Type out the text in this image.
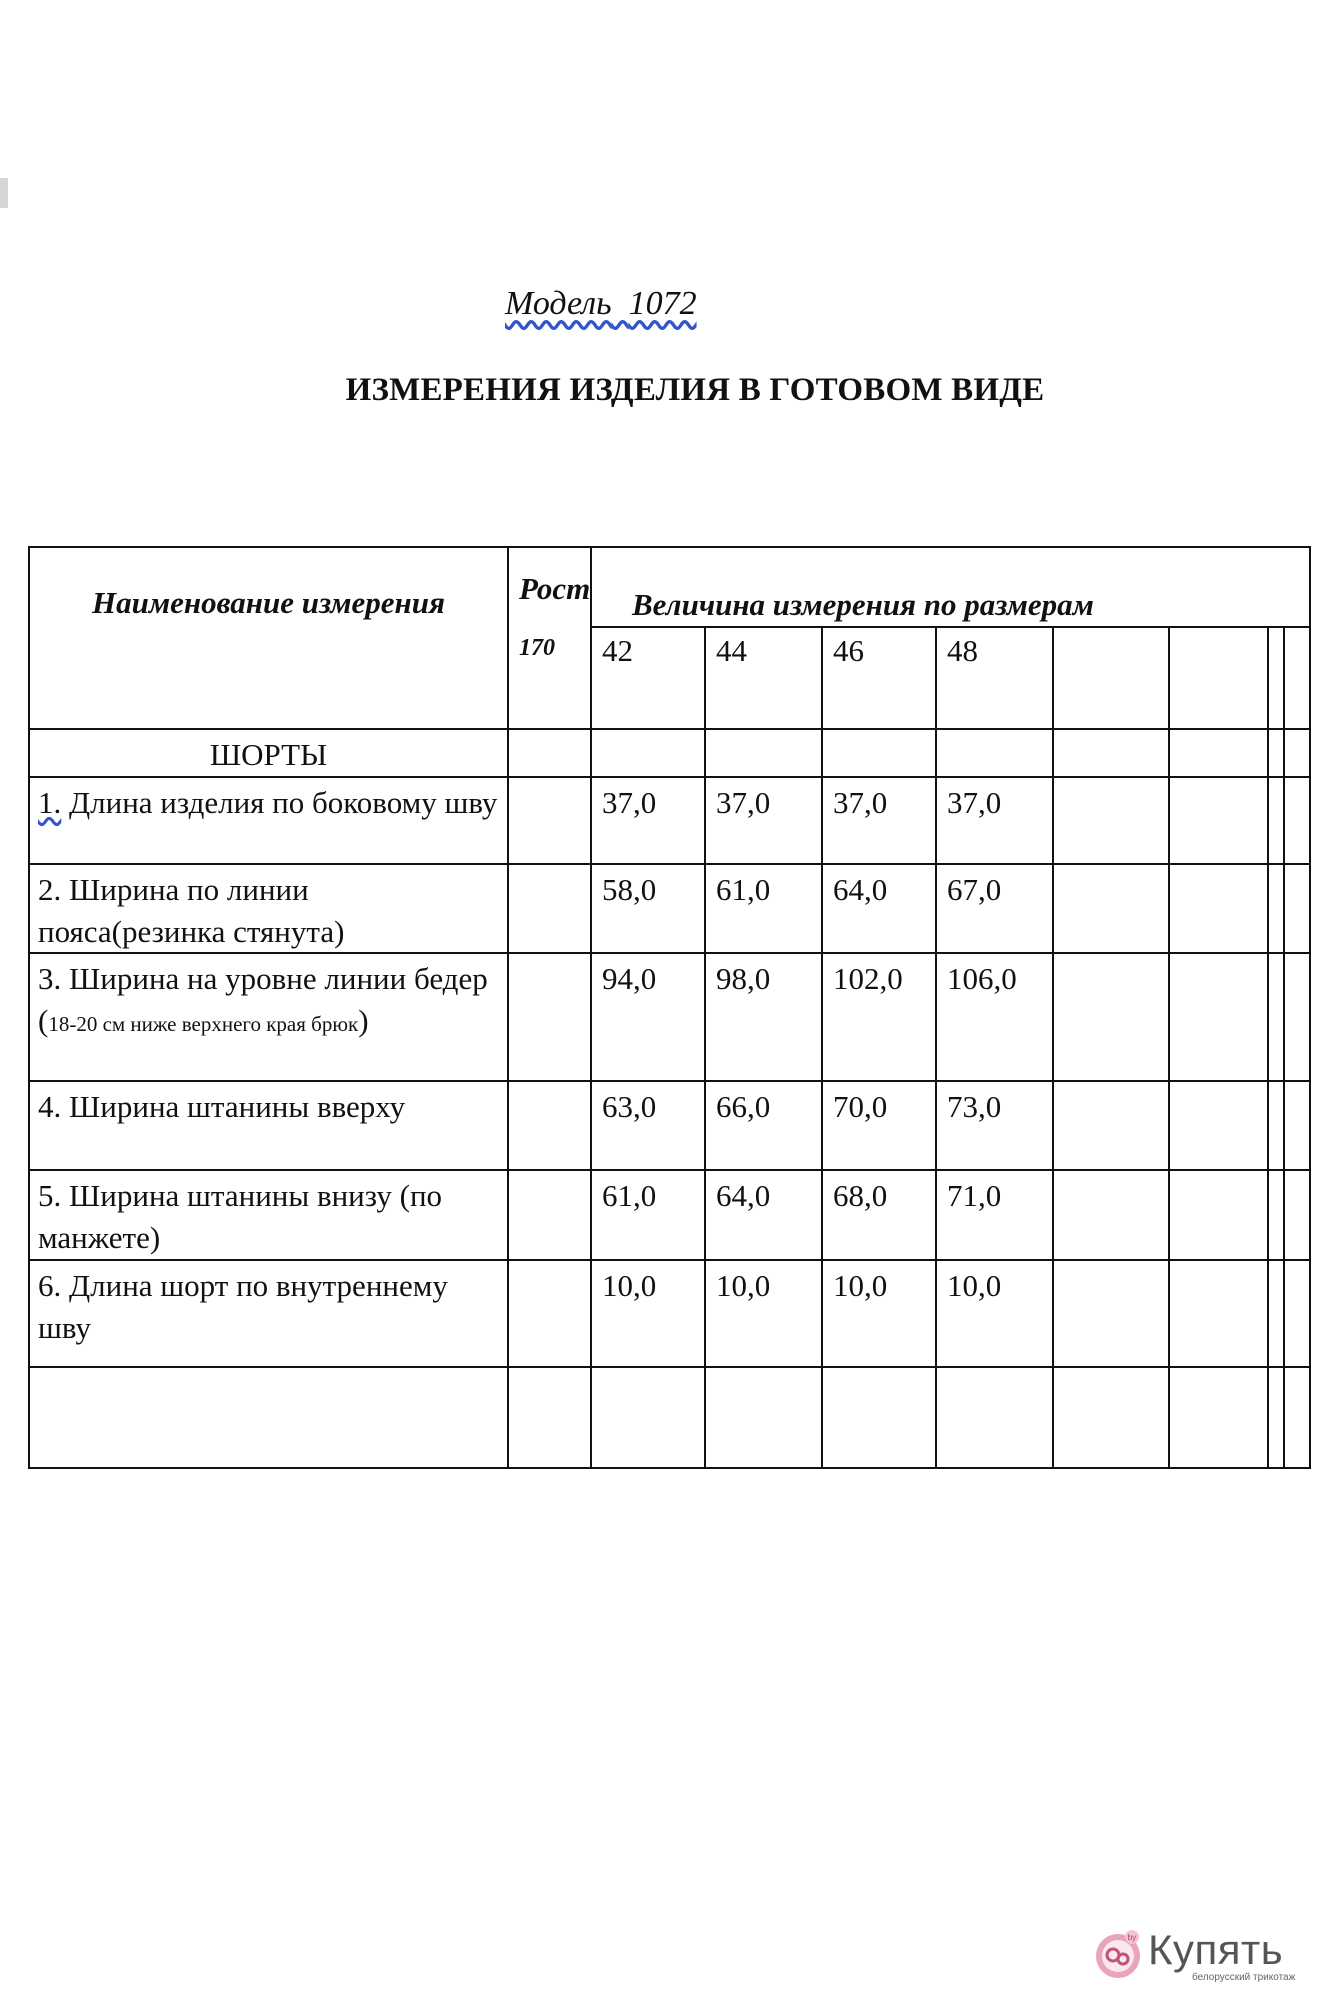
Модель 1072
ИЗМЕРЕНИЯ ИЗДЕЛИЯ В ГОТОВОМ ВИДЕ
Наименование измерения	Рост
170	Величина измерения по размерам							
		42	44	46	48				
ШОРТЫ									
1. Длина изделия по боковому шву		37,0	37,0	37,0	37,0				
2. Ширина по линии пояса(резинка стянута)		58,0	61,0	64,0	67,0				
3. Ширина на уровне линии бедер (18-20 см ниже верхнего края брюк)		94,0	98,0	102,0	106,0				
4. Ширина штанины вверху		63,0	66,0	70,0	73,0				
5. Ширина штанины внизу (по манжете)		61,0	64,0	68,0	71,0				
6. Длина шорт по внутреннему шву		10,0	10,0	10,0	10,0				

by Купять
белорусский трикотаж
